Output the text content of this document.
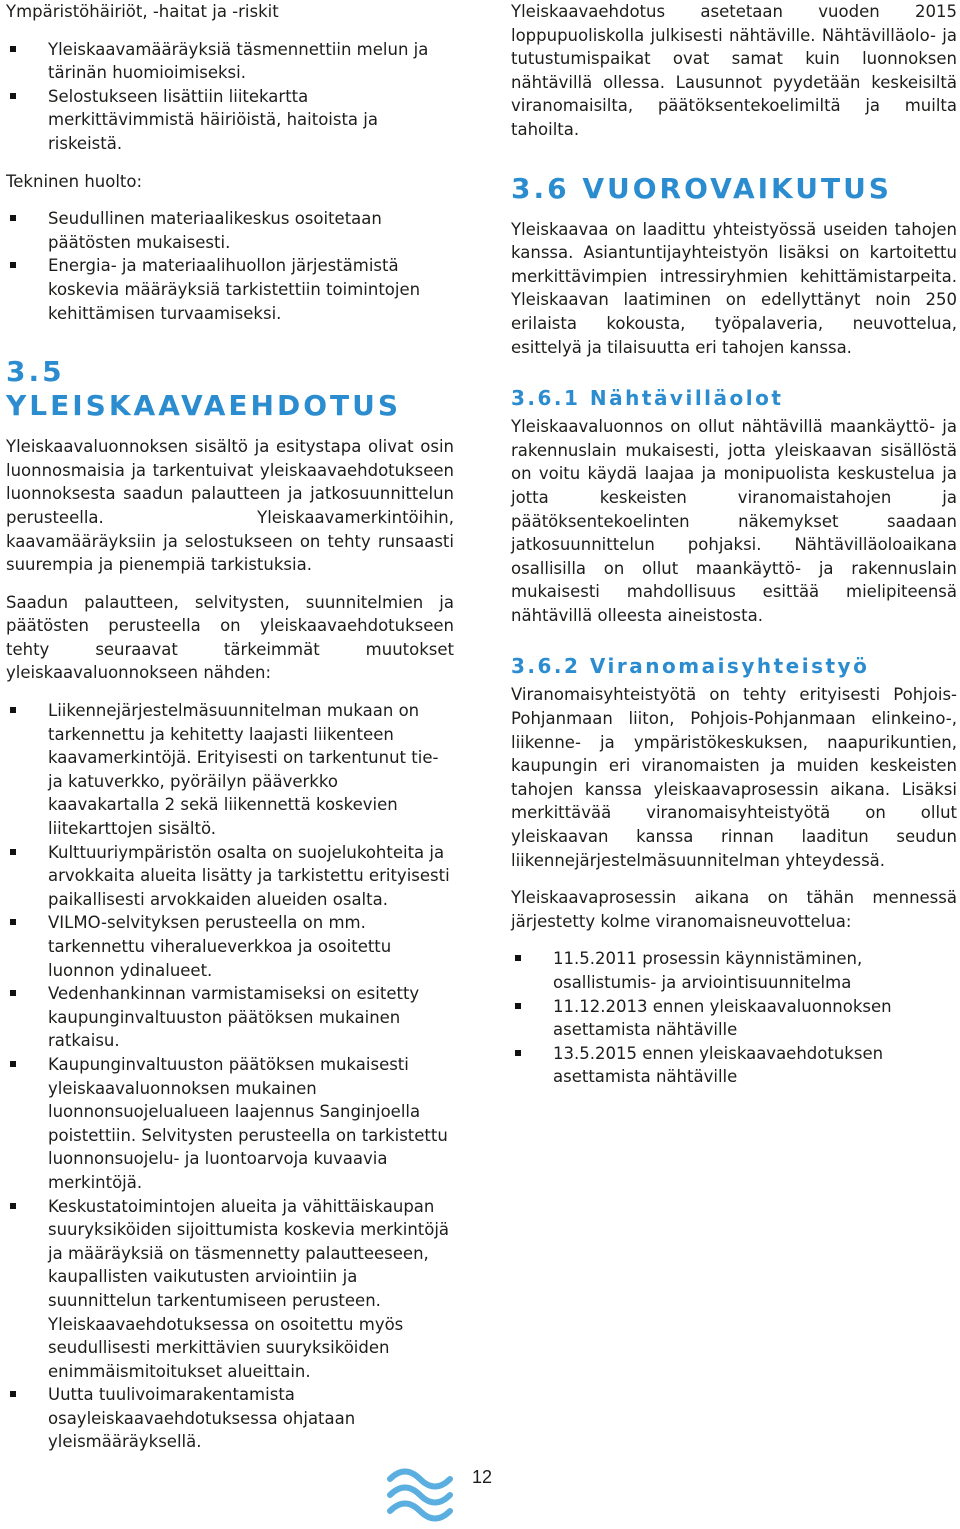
Ympäristöhäiriöt, -haitat ja -riskit
Yleiskaavamääräyksiä täsmennettiin melun ja tärinän huomioimiseksi.
Selostukseen lisättiin liitekartta merkittävimmistä häiriöistä, haitoista ja riskeistä.
Tekninen huolto:
Seudullinen materiaalikeskus osoitetaan päätösten mukaisesti.
Energia- ja materiaalihuollon järjestämistä koskevia määräyksiä tarkistettiin toimintojen kehittämisen turvaamiseksi.
3.5 YLEISKAAVAEHDOTUS

Yleiskaavaluonnoksen sisältö ja esitystapa olivat osin luonnosmaisia ja tarkentuivat yleiskaavaehdotukseen luonnoksesta saadun palautteen ja jatkosuunnittelun perusteella. Yleiskaavamerkintöihin, kaavamääräyksiin ja selostukseen on tehty runsaasti suurempia ja pienempiä tarkistuksia.

Saadun palautteen, selvitysten, suunnitelmien ja päätösten perusteella on yleiskaavaehdotukseen tehty seuraavat tärkeimmät muutokset yleiskaavaluonnokseen nähden:

Liikennejärjestelmäsuunnitelman mukaan on tarkennettu ja kehitetty laajasti liikenteen kaavamerkintöjä. Erityisesti on tarkentunut tie- ja katuverkko, pyöräilyn pääverkko kaavakartalla 2 sekä liikennettä koskevien liitekarttojen sisältö.
Kulttuuriympäristön osalta on suojelukohteita ja arvokkaita alueita lisätty ja tarkistettu erityisesti paikallisesti arvokkaiden alueiden osalta.
VILMO-selvityksen perusteella on mm. tarkennettu viheralueverkkoa ja osoitettu luonnon ydinalueet.
Vedenhankinnan varmistamiseksi on esitetty kaupunginvaltuuston päätöksen mukainen ratkaisu.
Kaupunginvaltuuston päätöksen mukaisesti yleiskaavaluonnoksen mukainen luonnonsuojelualueen laajennus Sanginjoella poistettiin. Selvitysten perusteella on tarkistettu luonnonsuojelu- ja luontoarvoja kuvaavia merkintöjä.
Keskustatoimintojen alueita ja vähittäiskaupan suuryksiköiden sijoittumista koskevia merkintöjä ja määräyksiä on täsmennetty palautteeseen, kaupallisten vaikutusten arviointiin ja suunnittelun tarkentumiseen perusteen. Yleiskaavaehdotuksessa on osoitettu myös seudullisesti merkittävien suuryksiköiden enimmäismitoitukset alueittain.
Uutta tuulivoimarakentamista osayleiskaavaehdotuksessa ohjataan yleismääräyksellä.

Yleiskaavaehdotus asetetaan vuoden 2015 loppupuoliskolla julkisesti nähtäville. Nähtävilläolo- ja tutustumispaikat ovat samat kuin luonnoksen nähtävillä ollessa. Lausunnot pyydetään keskeisiltä viranomaisilta, päätöksentekoelimiltä ja muilta tahoilta.

3.6 VUOROVAIKUTUS

Yleiskaavaa on laadittu yhteistyössä useiden tahojen kanssa. Asiantuntijayhteistyön lisäksi on kartoitettu merkittävimpien intressiryhmien kehittämistarpeita. Yleiskaavan laatiminen on edellyttänyt noin 250 erilaista kokousta, työpalaveria, neuvottelua, esittelyä ja tilaisuutta eri tahojen kanssa.

3.6.1 Nähtävilläolot

Yleiskaavaluonnos on ollut nähtävillä maankäyttö- ja rakennuslain mukaisesti, jotta yleiskaavan sisällöstä on voitu käydä laajaa ja monipuolista keskustelua ja jotta keskeisten viranomaistahojen ja päätöksentekoelinten näkemykset saadaan jatkosuunnittelun pohjaksi. Nähtävilläoloaikana osallisilla on ollut maankäyttö- ja rakennuslain mukaisesti mahdollisuus esittää mielipiteensä nähtävillä olleesta aineistosta.

3.6.2 Viranomaisyhteistyö

Viranomaisyhteistyötä on tehty erityisesti Pohjois-Pohjanmaan liiton, Pohjois-Pohjanmaan elinkeino-, liikenne- ja ympäristökeskuksen, naapurikuntien, kaupungin eri viranomaisten ja muiden keskeisten tahojen kanssa yleiskaavaprosessin aikana. Lisäksi merkittävää viranomaisyhteistyötä on ollut yleiskaavan kanssa rinnan laaditun seudun liikennejärjestelmäsuunnitelman yhteydessä.

Yleiskaavaprosessin aikana on tähän mennessä järjestetty kolme viranomaisneuvottelua:

11.5.2011 prosessin käynnistäminen, osallistumis- ja arviointisuunnitelma
11.12.2013 ennen yleiskaavaluonnoksen asettamista nähtäville
13.5.2015 ennen yleiskaavaehdotuksen asettamista nähtäville
12
